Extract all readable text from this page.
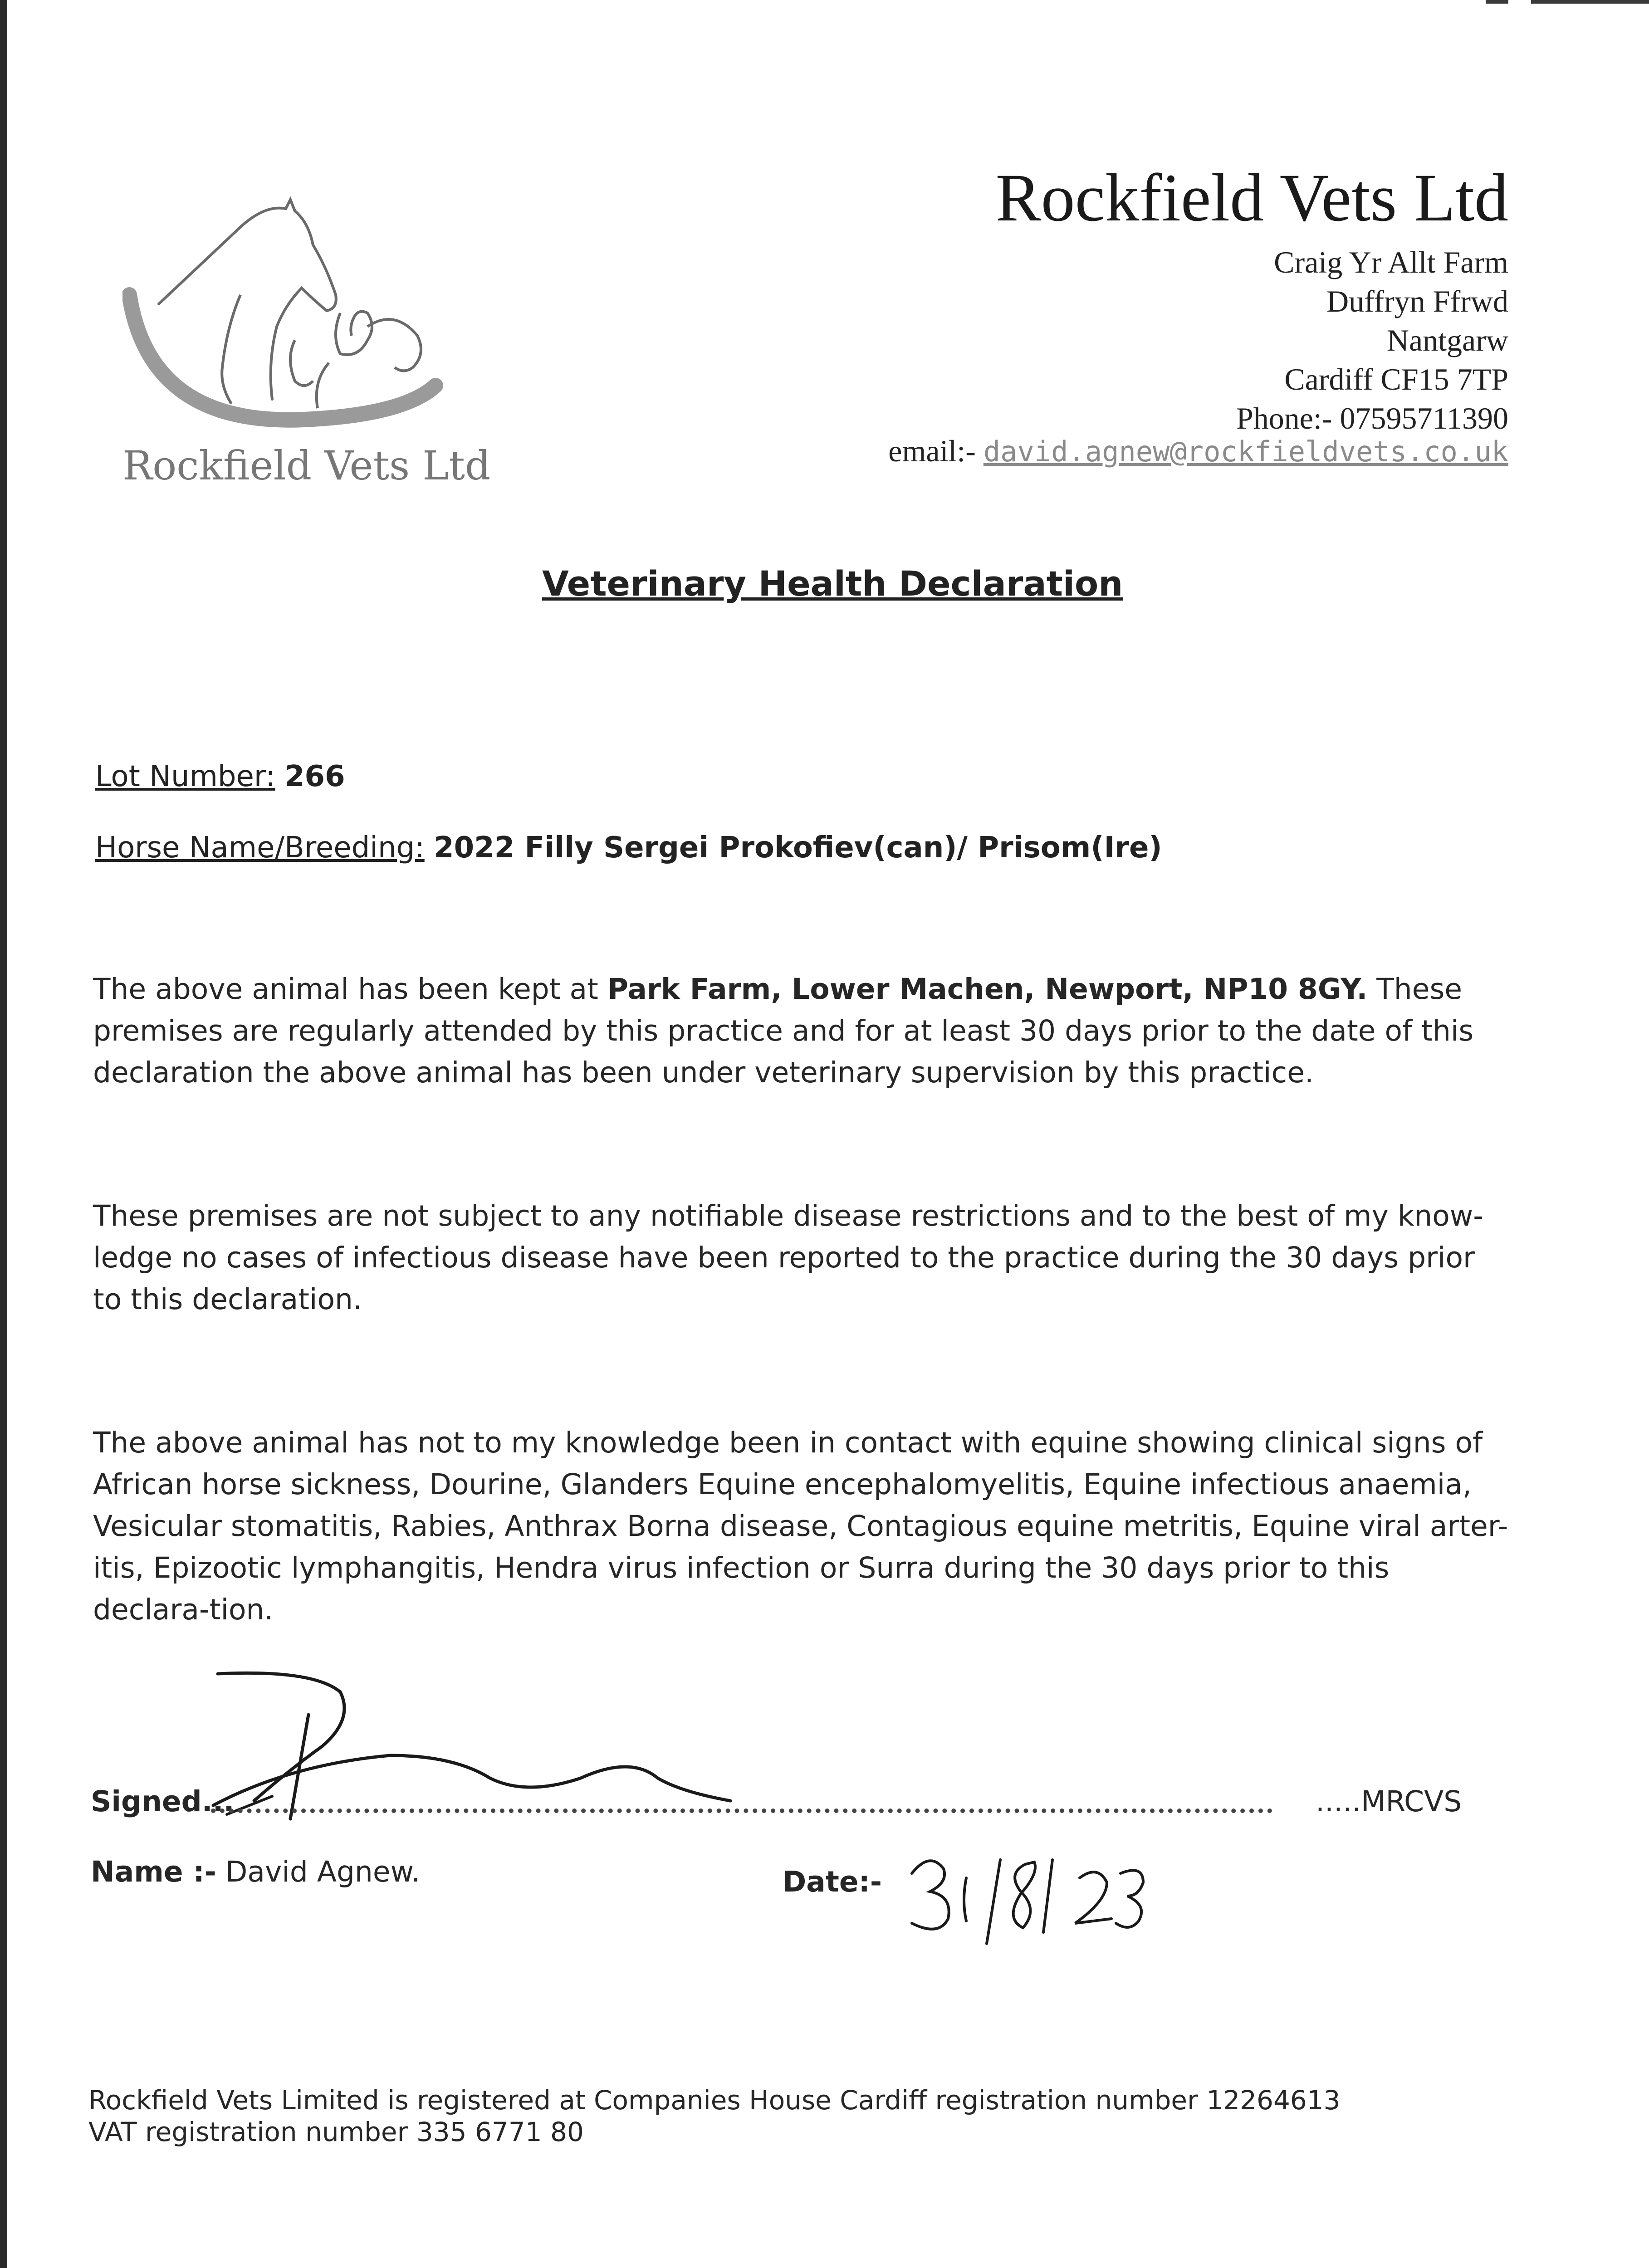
Rockfield Vets Ltd
Rockfield Vets Ltd
Craig Yr Allt Farm
Duffryn Ffrwd
Nantgarw
Cardiff CF15 7TP
Phone:- 07595711390
email:- david.agnew@rockfieldvets.co.uk
Veterinary Health Declaration
Lot Number: 266
Horse Name/Breeding: 2022 Filly Sergei Prokofiev(can)/ Prisom(Ire)

The above animal has been kept at Park Farm, Lower Machen, Newport, NP10 8GY. These premises are regularly attended by this practice and for at least 30 days prior to the date of this declaration the above animal has been under veterinary supervision by this practice.

These premises are not subject to any notifiable disease restrictions and to the best of my know-ledge no cases of infectious disease have been reported to the practice during the 30 days prior to this declaration.

The above animal has not to my knowledge been in contact with equine showing clinical signs of African horse sickness, Dourine, Glanders Equine encephalomyelitis, Equine infectious anaemia, Vesicular stomatitis, Rabies, Anthrax Borna disease, Contagious equine metritis, Equine viral arter-itis, Epizootic lymphangitis, Hendra virus infection or Surra during the 30 days prior to this declara-tion.

Signed...	.....MRCVS
Name :- David Agnew.	Date:-
Rockfield Vets Limited is registered at Companies House Cardiff registration number 12264613
VAT registration number 335 6771 80
